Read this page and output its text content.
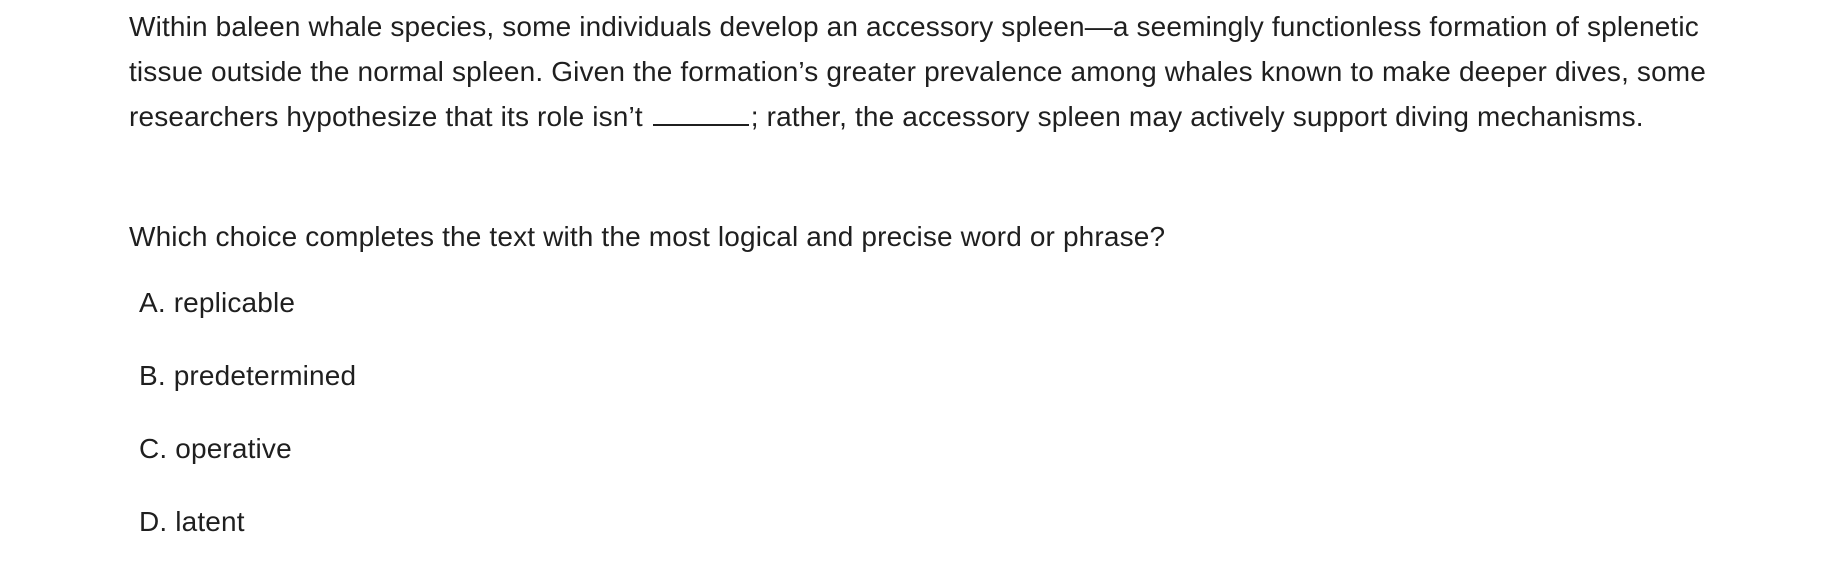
Within baleen whale species, some individuals develop an accessory spleen—a seemingly functionless formation of splenetic tissue outside the normal spleen. Given the formation’s greater prevalence among whales known to make deeper dives, some researchers hypothesize that its role isn’t	; rather, the accessory spleen may actively support diving mechanisms.

Which choice completes the text with the most logical and precise word or phrase?

A . replicable
B . predetermined
C . operative
D . latent
